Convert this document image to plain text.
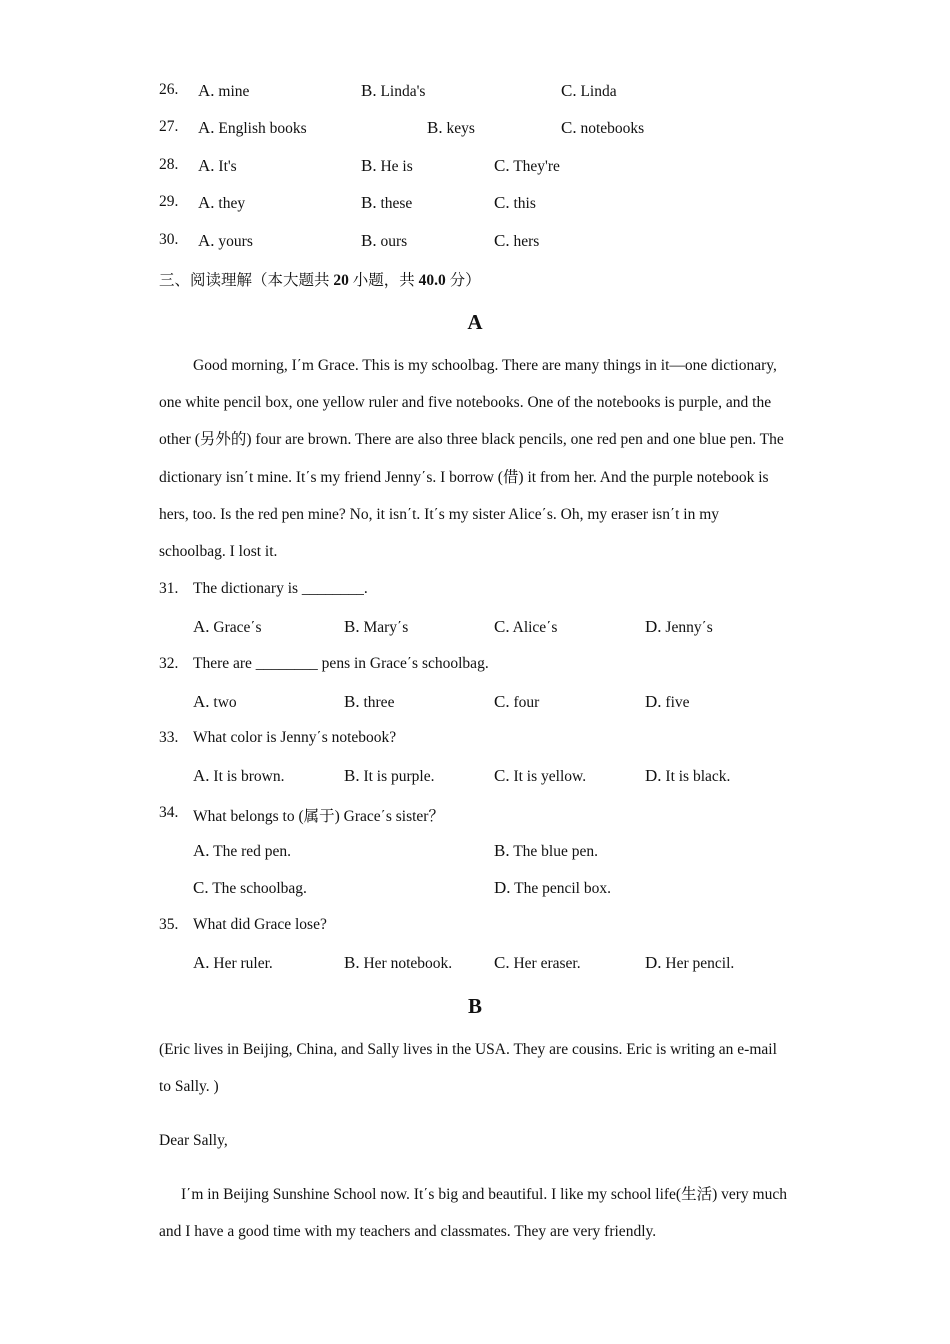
26.	A. mine	B. Linda's	C. Linda
27.	A. English books	B. keys	C. notebooks
28.	A. It's	B. He is	C. They're
29.	A. they	B. these	C. this
30.	A. yours	B. ours	C. hers
三、阅读理解（本大题共 20 小题，共 40.0 分）
A
Good morning, I΄m Grace. This is my schoolbag. There are many things in it—one dictionary, one white pencil box, one yellow ruler and five notebooks. One of the notebooks is purple, and the other (另外的) four are brown. There are also three black pencils, one red pen and one blue pen. The dictionary isn΄t mine. It΄s my friend Jenny΄s. I borrow (借) it from her. And the purple notebook is hers, too. Is the red pen mine? No, it isn΄t. It΄s my sister Alice΄s. Oh, my eraser isn΄t in my schoolbag. I lost it.
31. The dictionary is ________.
A. Grace΄s	B. Mary΄s	C. Alice΄s	D. Jenny΄s
32. There are ________ pens in Grace΄s schoolbag.
A. two	B. three	C. four	D. five
33. What color is Jenny΄s notebook?
A. It is brown.	B. It is purple.	C. It is yellow.	D. It is black.
34. What belongs to (属于) Grace΄s sister？
A. The red pen.	B. The blue pen.
C. The schoolbag.	D. The pencil box.
35. What did Grace lose?
A. Her ruler.	B. Her notebook. C. Her eraser.	D. Her pencil.
B
(Eric lives in Beijing, China, and Sally lives in the USA. They are cousins. Eric is writing an e-mail to Sally. )
Dear Sally,
I΄m in Beijing Sunshine School now. It΄s big and beautiful. I like my school life(生活) very much and I have a good time with my teachers and classmates. They are very friendly.
